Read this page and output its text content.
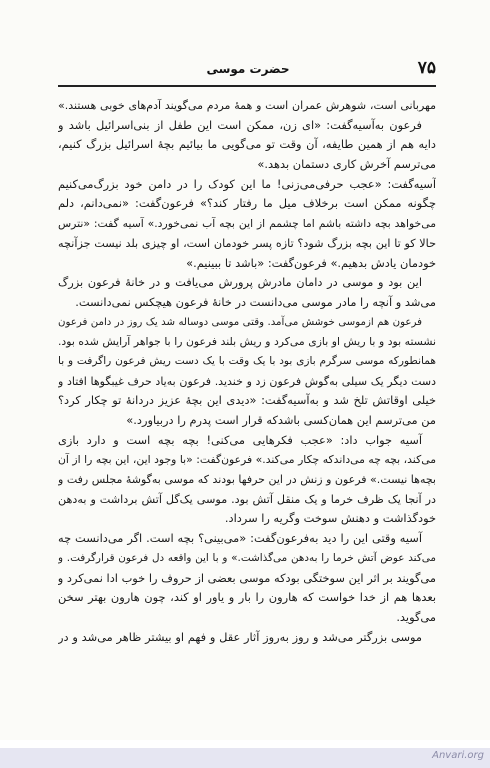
۷۵
حضرت موسی
مهربانی است، شوهرش عمران است و همهٔ مردم می‌گویند آدم‌های خوبی هستند.»
فرعون به‌آسیه‌گفت: «ای زن، ممکن است این طفل از بنی‌اسرائیل باشد و
دایه هم از همین طایفه، آن وقت تو می‌گویی ما بیائیم بچهٔ اسرائیل بزرگ کنیم،
می‌ترسم آخرش کاری دستمان بدهد.»
آسیه‌گفت: «عجب حرفی‌می‌زنی! ما این کودک را در دامن خود بزرگ‌می‌کنیم
چگونه ممکن است برخلاف میل ما رفتار کند؟» فرعون‌گفت: «نمی‌دانم، دلم
می‌خواهد بچه داشته باشم اما چشمم از این بچه آب نمی‌خورد.» آسیه گفت: «نترس
حالا کو تا این بچه بزرگ شود؟ تازه پسر خودمان است، او چیزی بلد نیست جزآنچه
خودمان یادش بدهیم.» فرعون‌گفت: «باشد تا ببینیم.»
این بود و موسی در دامان مادرش پرورش می‌یافت و در خانهٔ فرعون بزرگ
می‌شد و آنچه را مادر موسی می‌دانست در خانهٔ فرعون هیچکس نمی‌دانست.
فرعون هم ازموسی خوشش می‌آمد. وقتی موسی دوساله شد یک روز در دامن فرعون
نشسته بود و با ریش او بازی می‌کرد و ریش بلند فرعون را با جواهر آرایش شده بود.
همانطورکه موسی سرگرم بازی بود با یک وقت با یک دست ریش فرعون راگرفت و با
دست دیگر یک سیلی به‌گوش فرعون زد و خندید. فرعون به‌یاد حرف غیبگوها افتاد و
خیلی اوقاتش تلخ شد و به‌آسیه‌گفت: «دیدی این بچهٔ عزیز دردانهٔ تو چکار کرد؟
من می‌ترسم این همان‌کسی باشدکه قرار است پدرم را دربیاورد.»
آسیه جواب داد: «عجب فکرهایی می‌کنی! بچه بچه است و دارد بازی
می‌کند، بچه چه می‌داندکه چکار می‌کند.» فرعون‌گفت: «با وجود این، این بچه را از آن
بچه‌ها نیست.» فرعون و زنش در این حرفها بودند که موسی به‌گوشهٔ مجلس رفت و
در آنجا یک ظرف خرما و یک منقل آتش بود. موسی یک‌گل آتش برداشت و به‌دهن
خودگذاشت و دهنش سوخت وگریه را سرداد.
آسیه وقتی این را دید به‌فرعون‌گفت: «می‌بینی؟ بچه است. اگر می‌دانست چه
می‌کند عوض آتش خرما را به‌دهن می‌گذاشت.» و با این واقعه دل فرعون قرارگرفت. و
می‌گویند بر اثر این سوختگی بودکه موسی بعضی از حروف را خوب ادا نمی‌کرد و
بعدها هم از خدا خواست که هارون را بار و یاور او کند، چون هارون بهتر سخن
می‌گوید.
موسی بزرگتر می‌شد و روز به‌روز آثار عقل و فهم او بیشتر ظاهر می‌شد و در
Anvari.org
